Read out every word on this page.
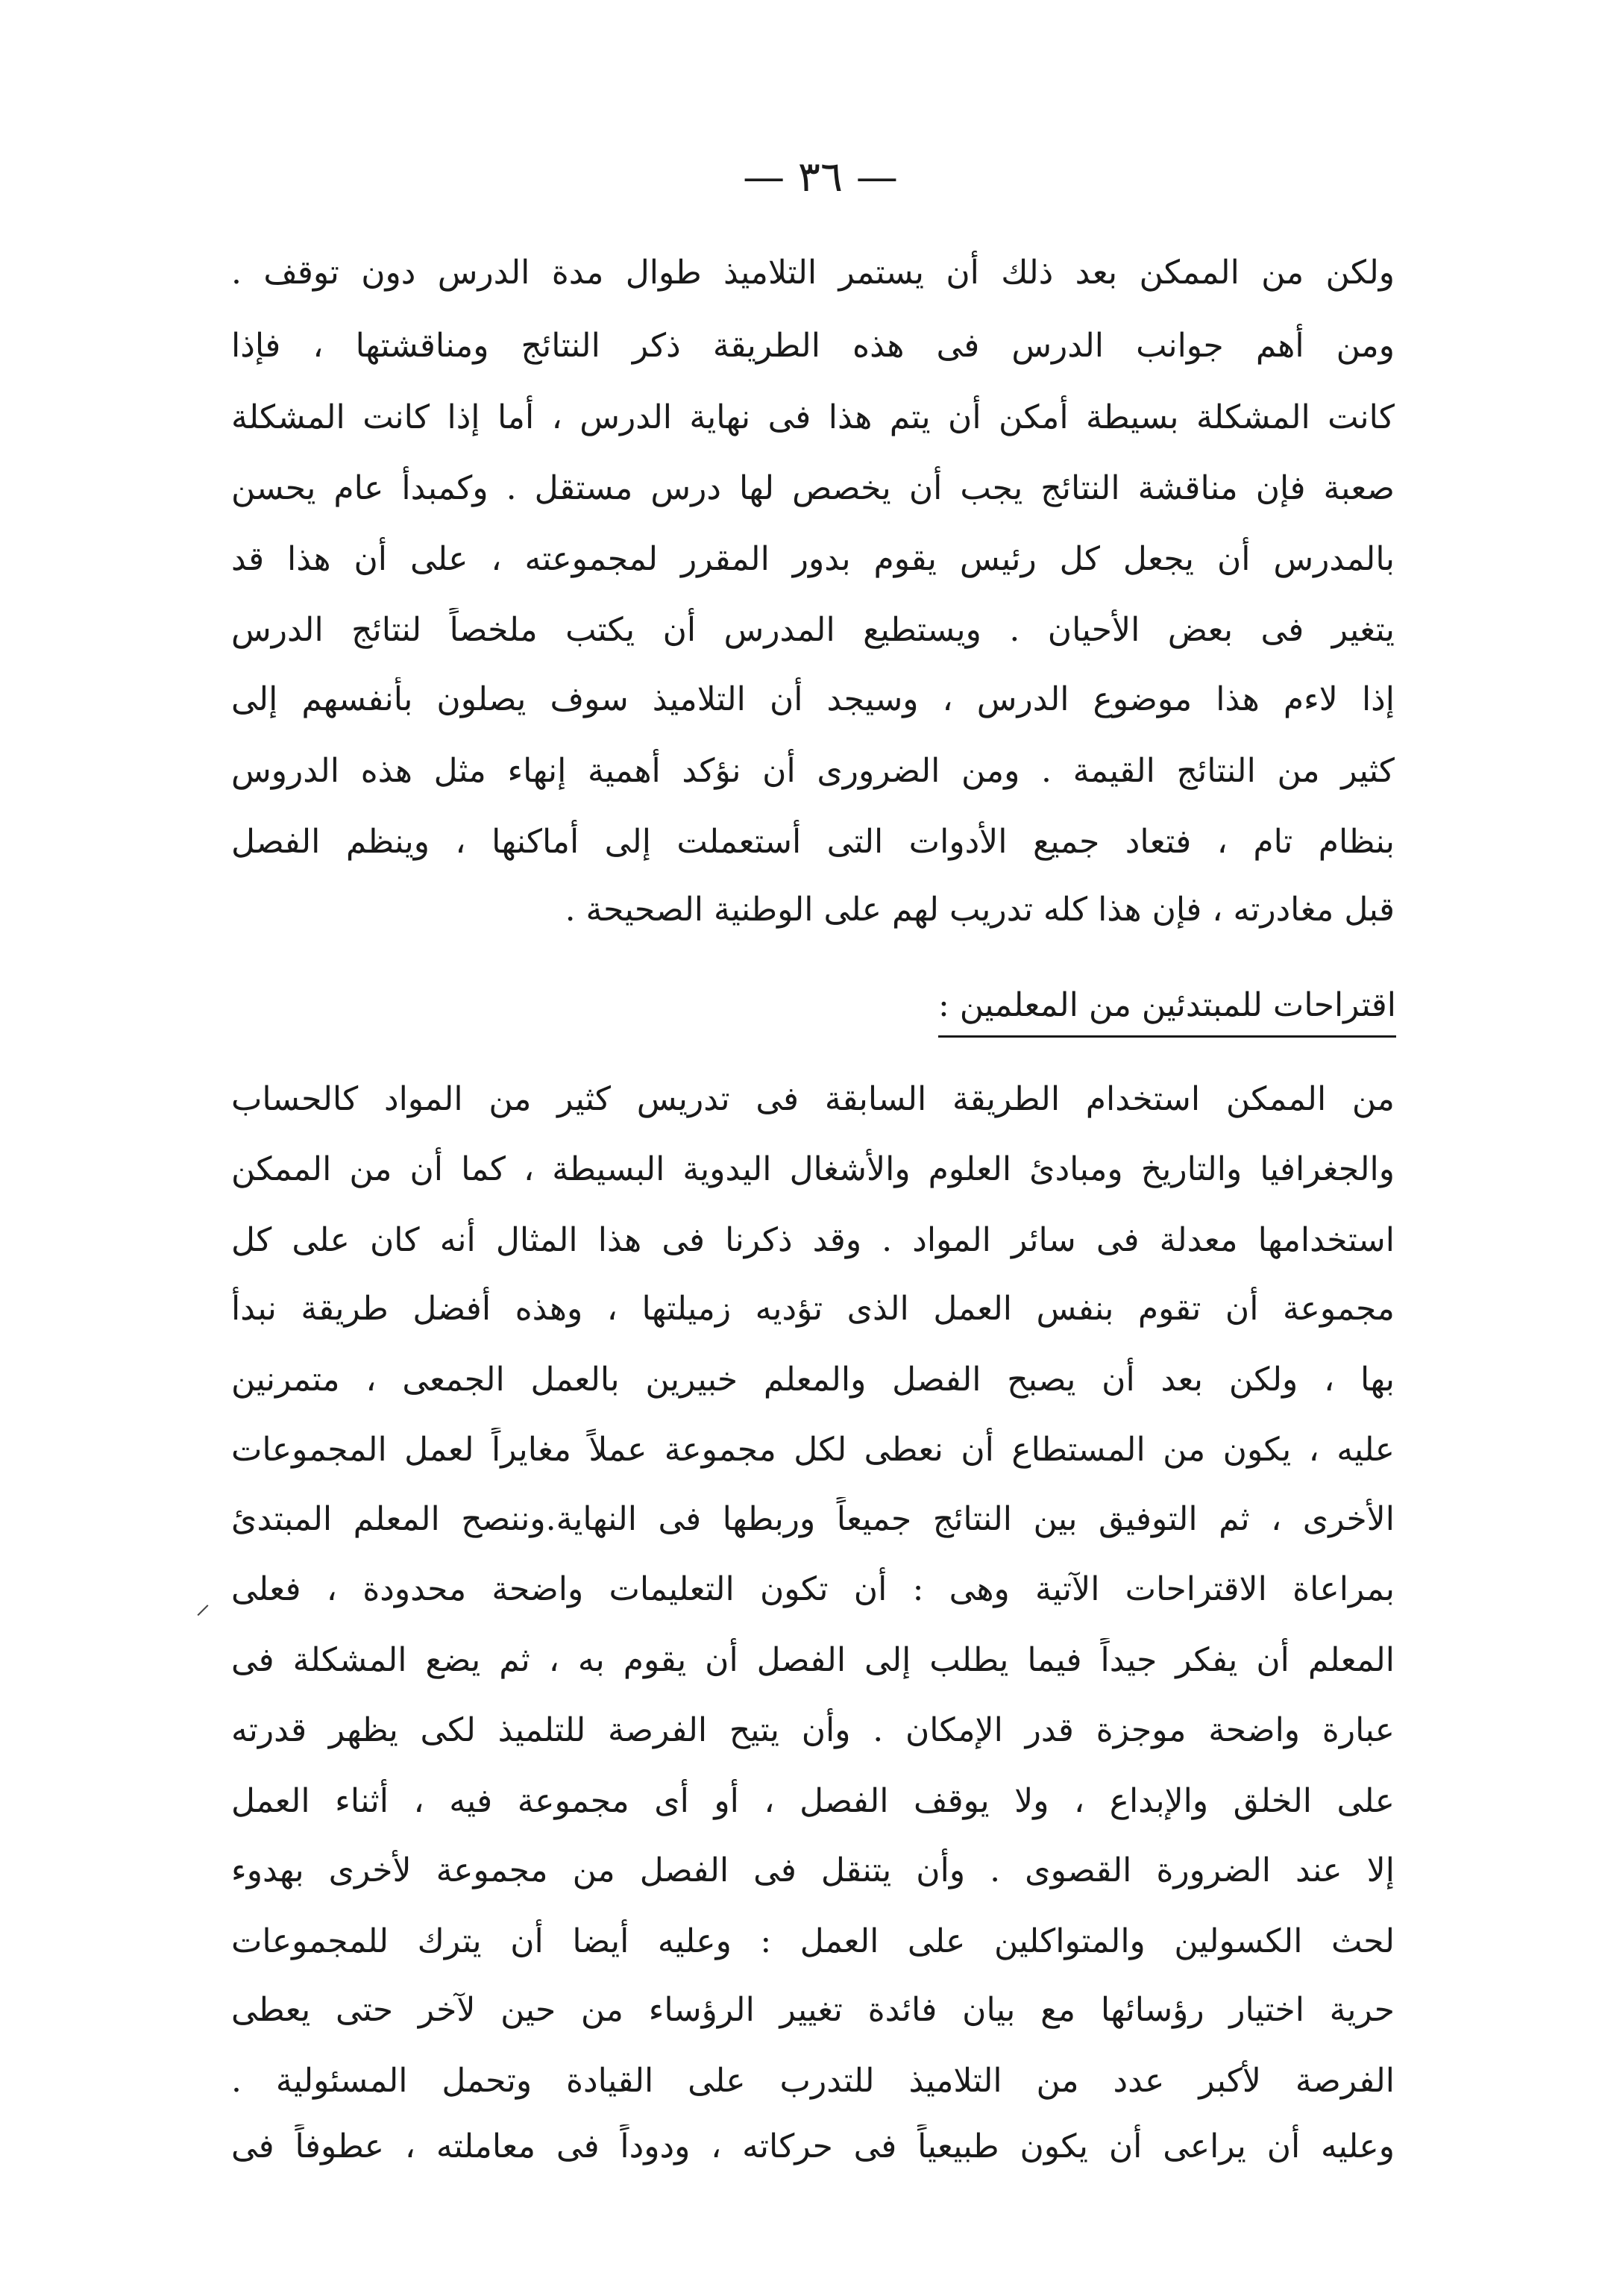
— ٣٦ —
ولكن من الممكن بعد ذلك أن يستمر التلاميذ طوال مدة الدرس دون توقف .
ومن أهم جوانب الدرس فى هذه الطريقة ذكر النتائج ومناقشتها ، فإذا
كانت المشكلة بسيطة أمكن أن يتم هذا فى نهاية الدرس ، أما إذا كانت المشكلة
صعبة فإن مناقشة النتائج يجب أن يخصص لها درس مستقل . وكمبدأ عام يحسن
بالمدرس أن يجعل كل رئيس يقوم بدور المقرر لمجموعته ، على أن هذا قد
يتغير فى بعض الأحيان . ويستطيع المدرس أن يكتب ملخصاً لنتائج الدرس
إذا لاءم هذا موضوع الدرس ، وسيجد أن التلاميذ سوف يصلون بأنفسهم إلى
كثير من النتائج القيمة . ومن الضرورى أن نؤكد أهمية إنهاء مثل هذه الدروس
بنظام تام ، فتعاد جميع الأدوات التى أستعملت إلى أماكنها ، وينظم الفصل
قبل مغادرته ، فإن هذا كله تدريب لهم على الوطنية الصحيحة .
اقتراحات للمبتدئين من المعلمين :
من الممكن استخدام الطريقة السابقة فى تدريس كثير من المواد كالحساب
والجغرافيا والتاريخ ومبادئ العلوم والأشغال اليدوية البسيطة ، كما أن من الممكن
استخدامها معدلة فى سائر المواد . وقد ذكرنا فى هذا المثال أنه كان على كل
مجموعة أن تقوم بنفس العمل الذى تؤديه زميلتها ، وهذه أفضل طريقة نبدأ
بها ، ولكن بعد أن يصبح الفصل والمعلم خبيرين بالعمل الجمعى ، متمرنين
عليه ، يكون من المستطاع أن نعطى لكل مجموعة عملاً مغايراً لعمل المجموعات
الأخرى ، ثم التوفيق بين النتائج جميعاً وربطها فى النهاية.وننصح المعلم المبتدئ
بمراعاة الاقتراحات الآتية وهى : أن تكون التعليمات واضحة محدودة ، فعلى
المعلم أن يفكر جيداً فيما يطلب إلى الفصل أن يقوم به ، ثم يضع المشكلة فى
عبارة واضحة موجزة قدر الإمكان . وأن يتيح الفرصة للتلميذ لكى يظهر قدرته
على الخلق والإبداع ، ولا يوقف الفصل ، أو أى مجموعة فيه ، أثناء العمل
إلا عند الضرورة القصوى . وأن يتنقل فى الفصل من مجموعة لأخرى بهدوء
لحث الكسولين والمتواكلين على العمل : وعليه أيضا أن يترك للمجموعات
حرية اختيار رؤسائها مع بيان فائدة تغيير الرؤساء من حين لآخر حتى يعطى
الفرصة لأكبر عدد من التلاميذ للتدرب على القيادة وتحمل المسئولية .
وعليه أن يراعى أن يكون طبيعياً فى حركاته ، ودوداً فى معاملته ، عطوفاً فى
⸝
